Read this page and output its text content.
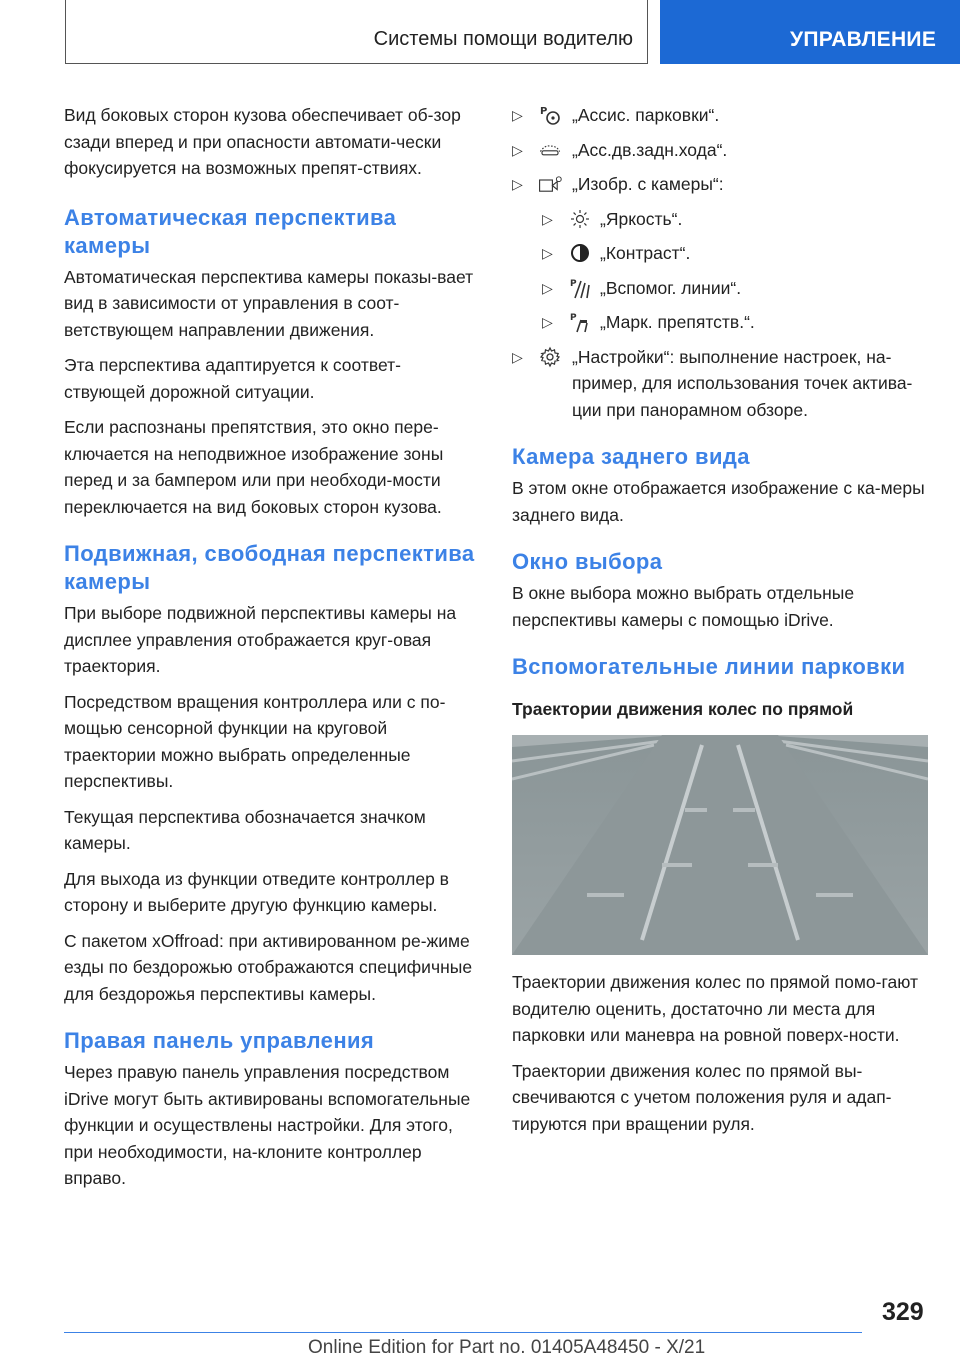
Системы помощи водителю	УПРАВЛЕНИЕ

Вид боковых сторон кузова обеспечивает об-зор сзади вперед и при опасности автомати-чески фокусируется на возможных препят-ствиях.

Автоматическая перспектива камеры

Автоматическая перспектива камеры показы-вает вид в зависимости от управления в соот-ветствующем направлении движения.

Эта перспектива адаптируется к соответ-ствующей дорожной ситуации.

Если распознаны препятствия, это окно пере-ключается на неподвижное изображение зоны перед и за бампером или при необходи-мости переключается на вид боковых сторон кузова.

Подвижная, свободная перспектива камеры

При выборе подвижной перспективы камеры на дисплее управления отображается круг-овая траектория.

Посредством вращения контроллера или с по-мощью сенсорной функции на круговой траектории можно выбрать определенные перспективы.

Текущая перспектива обозначается значком камеры.

Для выхода из функции отведите контроллер в сторону и выберите другую функцию камеры.

С пакетом xOffroad: при активированном ре-жиме езды по бездорожью отображаются специфичные для бездорожья перспективы камеры.

Правая панель управления

Через правую панель управления посредством iDrive могут быть активированы вспомогательные функции и осуществлены настройки. Для этого, при необходимости, на-клоните контроллер вправо.

▷ P „Ассис. парковки“.
▷	„Асс.дв.задн.хода“.
▷	„Изобр. с камеры“:
▷	„Яркость“.
▷	„Контраст“.
▷ P „Вспомог. линии“.
▷ P „Марк. препятств.“.
▷	„Настройки“: выполнение настроек, на-пример, для использования точек актива-ции при панорамном обзоре.
Камера заднего вида

В этом окне отображается изображение с ка-меры заднего вида.

Окно выбора

В окне выбора можно выбрать отдельные перспективы камеры с помощью iDrive.

Вспомогательные линии парковки
Траектории движения колес по прямой

Траектории движения колес по прямой помо-гают водителю оценить, достаточно ли места для парковки или маневра на ровной поверх-ности.

Траектории движения колес по прямой вы-свечиваются с учетом положения руля и адап-тируются при вращении руля.

329
Online Edition for Part no. 01405A48450 - X/21
